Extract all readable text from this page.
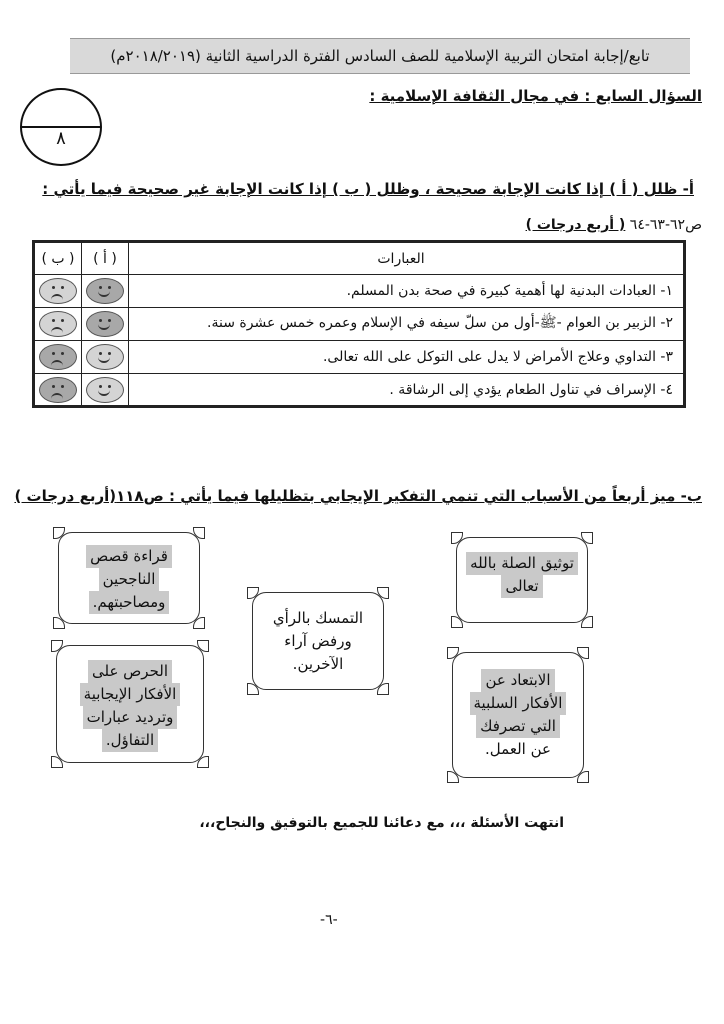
تابع/إجابة امتحان التربية الإسلامية للصف السادس الفترة الدراسية الثانية (٢٠١٨/٢٠١٩م)
السؤال السابع : في مجال الثقافة الإسلامية :
٨
أ- ظلل ( أ ) إذا كانت الإجابة صحيحة ، وظلل ( ب ) إذا كانت الإجابة غير صحيحة فيما يأتي :
ص٦٢-٦٣-٦٤ ( أربع درجات )
العبارات	( أ )	( ب )
١- العبادات البدنية لها أهمية كبيرة في صحة بدن المسلم.	

٢- الزبير بن العوام -ﷺ-أول من سلّ سيفه في الإسلام وعمره خمس عشرة سنة.	

٣- التداوي وعلاج الأمراض لا يدل على التوكل على الله تعالى.	

٤- الإسراف في تناول الطعام يؤدي إلى الرشاقة .	

ب- ميز أربعاً من الأسباب التي تنمي التفكير الإيجابي بتظليلها فيما يأتي : ص١١٨(أربع درجات )
توثيق الصلة بالله
تعالى
الابتعاد عن
الأفكار السلبية
التي تصرفك
عن العمل.
التمسك بالرأي
ورفض آراء
الآخرين.
قراءة قصص
الناجحين
ومصاحبتهم.
الحرص على
الأفكار الإيجابية
وترديد عبارات
التفاؤل.
انتهت الأسئلة ،،، مع دعائنا للجميع بالتوفيق والنجاح،،،
-٦-
